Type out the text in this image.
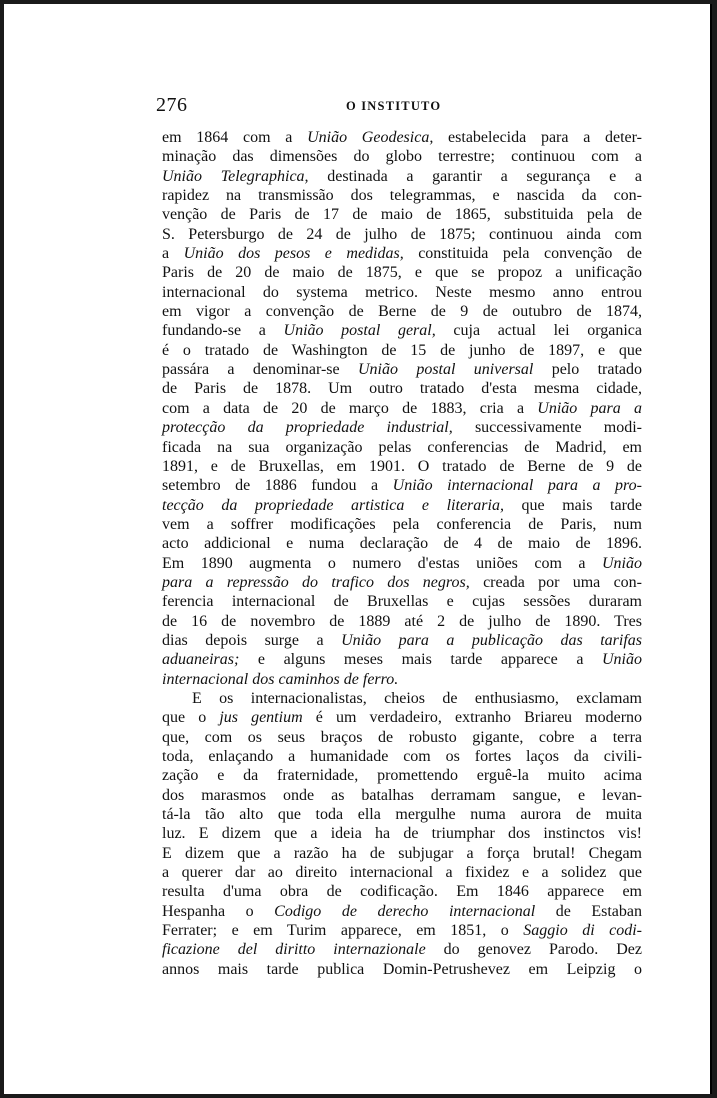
276	O INSTITUTO
em 1864 com a União Geodesica, estabelecida para a deter-
minação das dimensões do globo terrestre; continuou com a
União Telegraphica, destinada a garantir a segurança e a
rapidez na transmissão dos telegrammas, e nascida da con-
venção de Paris de 17 de maio de 1865, substituida pela de
S. Petersburgo de 24 de julho de 1875; continuou ainda com
a União dos pesos e medidas, constituida pela convenção de
Paris de 20 de maio de 1875, e que se propoz a unificação
internacional do systema metrico. Neste mesmo anno entrou
em vigor a convenção de Berne de 9 de outubro de 1874,
fundando-se a União postal geral, cuja actual lei organica
é o tratado de Washington de 15 de junho de 1897, e que
passára a denominar-se União postal universal pelo tratado
de Paris de 1878. Um outro tratado d'esta mesma cidade,
com a data de 20 de março de 1883, cria a União para a
protecção da propriedade industrial, successivamente modi-
ficada na sua organização pelas conferencias de Madrid, em
1891, e de Bruxellas, em 1901. O tratado de Berne de 9 de
setembro de 1886 fundou a União internacional para a pro-
tecção da propriedade artistica e literaria, que mais tarde
vem a soffrer modificações pela conferencia de Paris, num
acto addicional e numa declaração de 4 de maio de 1896.
Em 1890 augmenta o numero d'estas uniões com a União
para a repressão do trafico dos negros, creada por uma con-
ferencia internacional de Bruxellas e cujas sessões duraram
de 16 de novembro de 1889 até 2 de julho de 1890. Tres
dias depois surge a União para a publicação das tarifas
aduaneiras; e alguns meses mais tarde apparece a União
internacional dos caminhos de ferro.
E os internacionalistas, cheios de enthusiasmo, exclamam
que o jus gentium é um verdadeiro, extranho Briareu moderno
que, com os seus braços de robusto gigante, cobre a terra
toda, enlaçando a humanidade com os fortes laços da civili-
zação e da fraternidade, promettendo erguê-la muito acima
dos marasmos onde as batalhas derramam sangue, e levan-
tá-la tão alto que toda ella mergulhe numa aurora de muita
luz. E dizem que a ideia ha de triumphar dos instinctos vis!
E dizem que a razão ha de subjugar a força brutal! Chegam
a querer dar ao direito internacional a fixidez e a solidez que
resulta d'uma obra de codificação. Em 1846 apparece em
Hespanha o Codigo de derecho internacional de Estaban
Ferrater; e em Turim apparece, em 1851, o Saggio di codi-
ficazione del diritto internazionale do genovez Parodo. Dez
annos mais tarde publica Domin-Petrushevez em Leipzig o
